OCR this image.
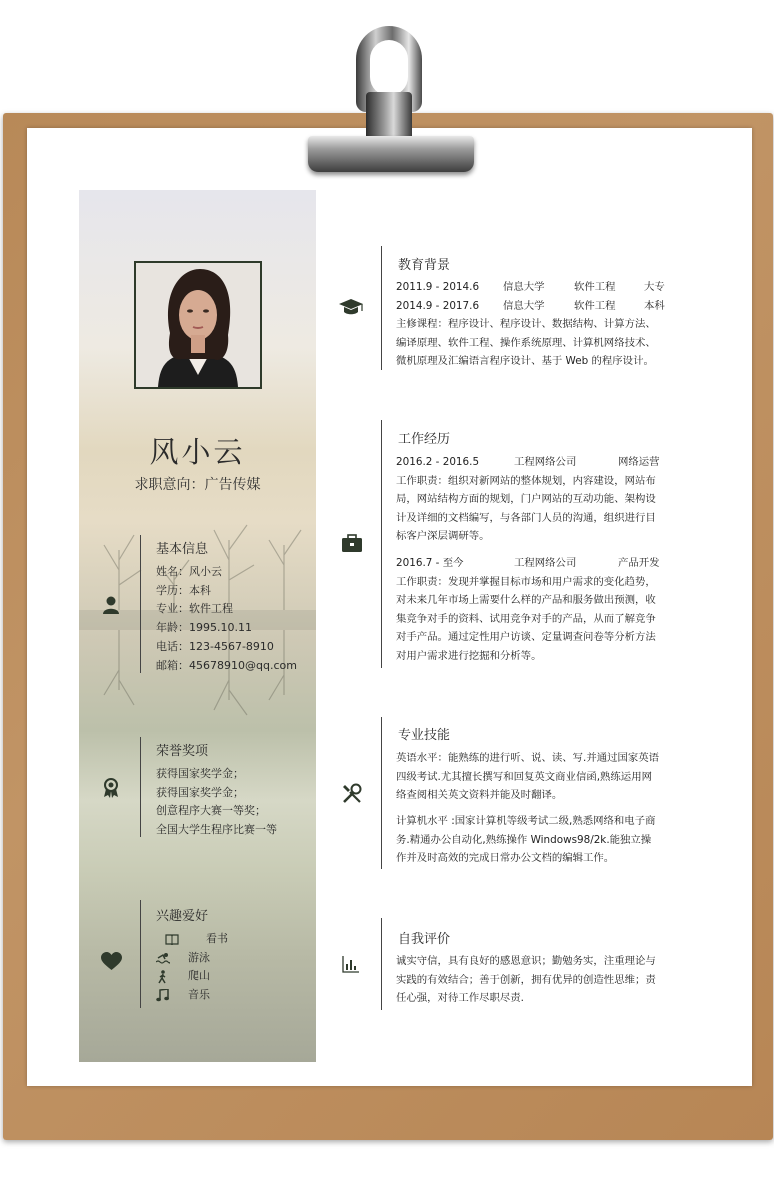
风小云
求职意向：广告传媒
基本信息
姓名：风小云
学历：本科
专业：软件工程
年龄：1995.10.11
电话：123-4567-8910
邮箱：45678910@qq.com
荣誉奖项
获得国家奖学金；
获得国家奖学金；
创意程序大赛一等奖；
全国大学生程序比赛一等
兴趣爱好
看书
游泳
爬山
音乐
教育背景
2011.9 - 2014.6	信息大学	软件工程	大专
2014.9 - 2017.6	信息大学	软件工程	本科
主修课程：程序设计、程序设计、数据结构、计算方法、
编译原理、软件工程、操作系统原理、计算机网络技术、
微机原理及汇编语言程序设计、基于 Web 的程序设计。
工作经历
2016.2 - 2016.5	工程网络公司	网络运营
工作职责：组织对新网站的整体规划，内容建设，网站布
局，网站结构方面的规划，门户网站的互动功能、架构设
计及详细的文档编写，与各部门人员的沟通，组织进行目
标客户深层调研等。
2016.7 - 至今	工程网络公司	产品开发
工作职责：发现并掌握目标市场和用户需求的变化趋势，
对未来几年市场上需要什么样的产品和服务做出预测，收
集竞争对手的资料、试用竞争对手的产品，从而了解竞争
对手产品。通过定性用户访谈、定量调查问卷等分析方法
对用户需求进行挖掘和分析等。
专业技能
英语水平：能熟练的进行听、说、读、写.并通过国家英语
四级考试.尤其擅长撰写和回复英文商业信函,熟练运用网
络查阅相关英文资料并能及时翻译。
计算机水平 :国家计算机等级考试二级,熟悉网络和电子商
务.精通办公自动化,熟练操作 Windows98/2k.能独立操
作并及时高效的完成日常办公文档的编辑工作。
自我评价
诚实守信，具有良好的感恩意识；勤勉务实，注重理论与
实践的有效结合；善于创新，拥有优异的创造性思维；责
任心强，对待工作尽职尽责.
